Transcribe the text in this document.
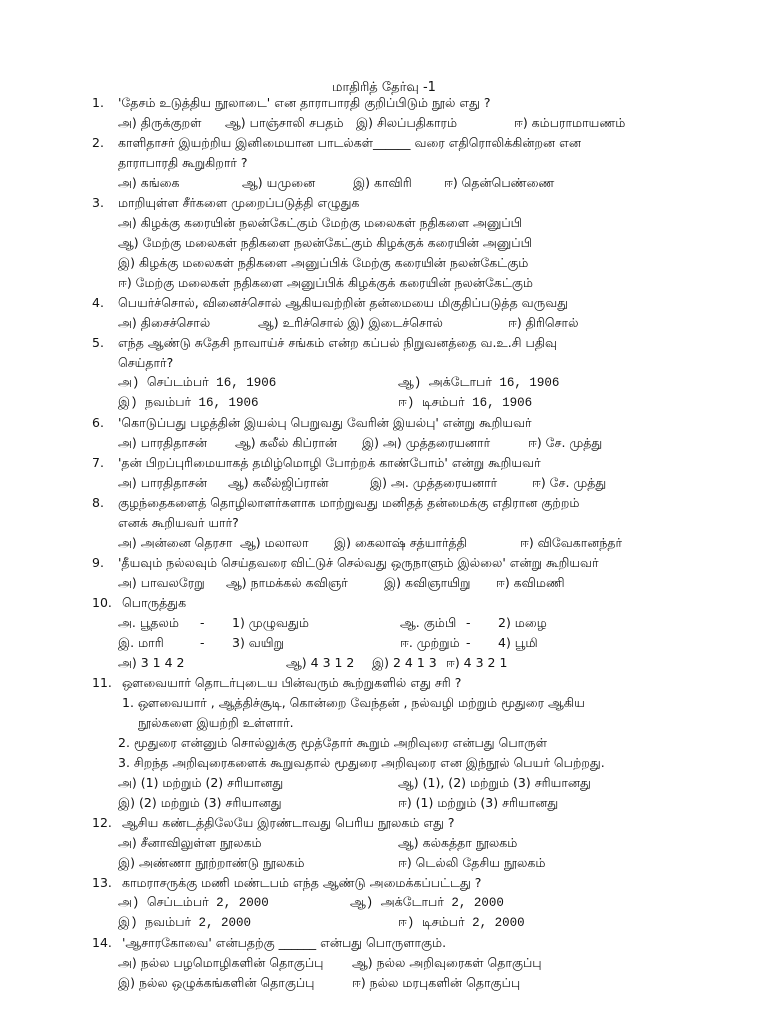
மாதிரித் தேர்வு -1
1. 'தேசம் உடுத்திய நூலாடை' என தாராபாரதி குறிப்பிடும் நூல் எது ?
அ) திருக்குறள் ஆ) பாஞ்சாலி சபதம் இ) சிலப்பதிகாரம்	ஈ) கம்பராமாயணம்
2. காளிதாசர் இயற்றிய இனிமையான பாடல்கள்______ வரை எதிரொலிக்கின்றன என
தாராபாரதி கூறுகிறார் ?
அ) கங்கை	ஆ) யமுனை	இ) காவிரி	ஈ) தென்பெண்ணை
3. மாறியுள்ள சீர்களை முறைப்படுத்தி எழுதுக
அ) கிழக்கு கரையின் நலன்கேட்கும் மேற்கு மலைகள் நதிகளை அனுப்பி
ஆ) மேற்கு மலைகள் நதிகளை நலன்கேட்கும் கிழக்குக் கரையின் அனுப்பி
இ) கிழக்கு மலைகள் நதிகளை அனுப்பிக் மேற்கு கரையின் நலன்கேட்கும்
ஈ) மேற்கு மலைகள் நதிகளை அனுப்பிக் கிழக்குக் கரையின் நலன்கேட்கும்
4. பெயர்ச்சொல், வினைச்சொல் ஆகியவற்றின் தன்மையை மிகுதிப்படுத்த வருவது
அ) திசைச்சொல்	ஆ) உரிச்சொல் இ) இடைச்சொல்	ஈ) திரிசொல்
5. எந்த ஆண்டு சுதேசி நாவாய்ச் சங்கம் என்ற கப்பல் நிறுவனத்தை வ.உ.சி பதிவு
செய்தார்?
அ) செப்டம்பர் 16, 1906	ஆ) அக்டோபர் 16, 1906
இ) நவம்பர் 16, 1906	ஈ) டிசம்பர் 16, 1906
6. 'கொடுப்பது பழத்தின் இயல்பு பெறுவது வேரின் இயல்பு' என்று கூறியவர்
அ) பாரதிதாசன் ஆ) கலீல் கிப்ரான் இ) அ) முத்தரையனார்	ஈ) சே. முத்து
7. 'தன் பிறப்புரிமையாகத் தமிழ்மொழி போற்றக் காண்போம்' என்று கூறியவர்
அ) பாரதிதாசன் ஆ) கலீல்ஜிப்ரான்	இ) அ. முத்தரையனார்	ஈ) சே. முத்து
8. குழந்தைகளைத் தொழிலாளர்களாக மாற்றுவது மனிதத் தன்மைக்கு எதிரான குற்றம்
எனக் கூறியவர் யார்?
அ) அன்னை தெரசா ஆ) மலாலா இ) கைலாஷ் சத்யார்த்தி	ஈ) விவேகானந்தர்
9. 'தீயவும் நல்லவும் செய்தவரை விட்டுச் செல்வது ஒருநாளும் இல்லை' என்று கூறியவர்
அ) பாவலரேறு ஆ) நாமக்கல் கவிஞர்	இ) கவிஞாயிறு ஈ) கவிமணி
10. பொருத்துக
அ. பூதலம் - 1) முழுவதும்	ஆ. கும்பி - 2) மழை
இ. மாரி	- 3) வயிறு	ஈ. முற்றும் - 4) பூமி
அ) 3 1 4 2	ஆ) 4 3 1 2 இ) 2 4 1 3 ஈ) 4 3 2 1
11. ஔவையார் தொடர்புடைய பின்வரும் கூற்றுகளில் எது சரி ?
1. ஔவையார் , ஆத்திச்சூடி, கொன்றை வேந்தன் , நல்வழி மற்றும் மூதுரை ஆகிய
நூல்களை இயற்றி உள்ளார்.
2. மூதுரை என்னும் சொல்லுக்கு மூத்தோர் கூறும் அறிவுரை என்பது பொருள்
3. சிறந்த அறிவுரைகளைக் கூறுவதால் மூதுரை அறிவுரை என இந்நூல் பெயர் பெற்றது.
அ) (1) மற்றும் (2) சரியானது	ஆ) (1), (2) மற்றும் (3) சரியானது
இ) (2) மற்றும் (3) சரியானது	ஈ) (1) மற்றும் (3) சரியானது
12. ஆசிய கண்டத்திலேயே இரண்டாவது பெரிய நூலகம் எது ?
அ) சீனாவிலுள்ள நூலகம்	ஆ) கல்கத்தா நூலகம்
இ) அண்ணா நூற்றாண்டு நூலகம்	ஈ) டெல்லி தேசிய நூலகம்
13. காமராசருக்கு மணி மண்டபம் எந்த ஆண்டு அமைக்கப்பட்டது ?
அ) செப்டம்பர் 2, 2000	ஆ) அக்டோபர் 2, 2000
இ) நவம்பர் 2, 2000	ஈ) டிசம்பர் 2, 2000
14. 'ஆசாரகோவை' என்பதற்கு ______ என்பது பொருளாகும்.
அ) நல்ல பழமொழிகளின் தொகுப்பு ஆ) நல்ல அறிவுரைகள் தொகுப்பு
இ) நல்ல ஒழுக்கங்களின் தொகுப்பு	ஈ) நல்ல மரபுகளின் தொகுப்பு
